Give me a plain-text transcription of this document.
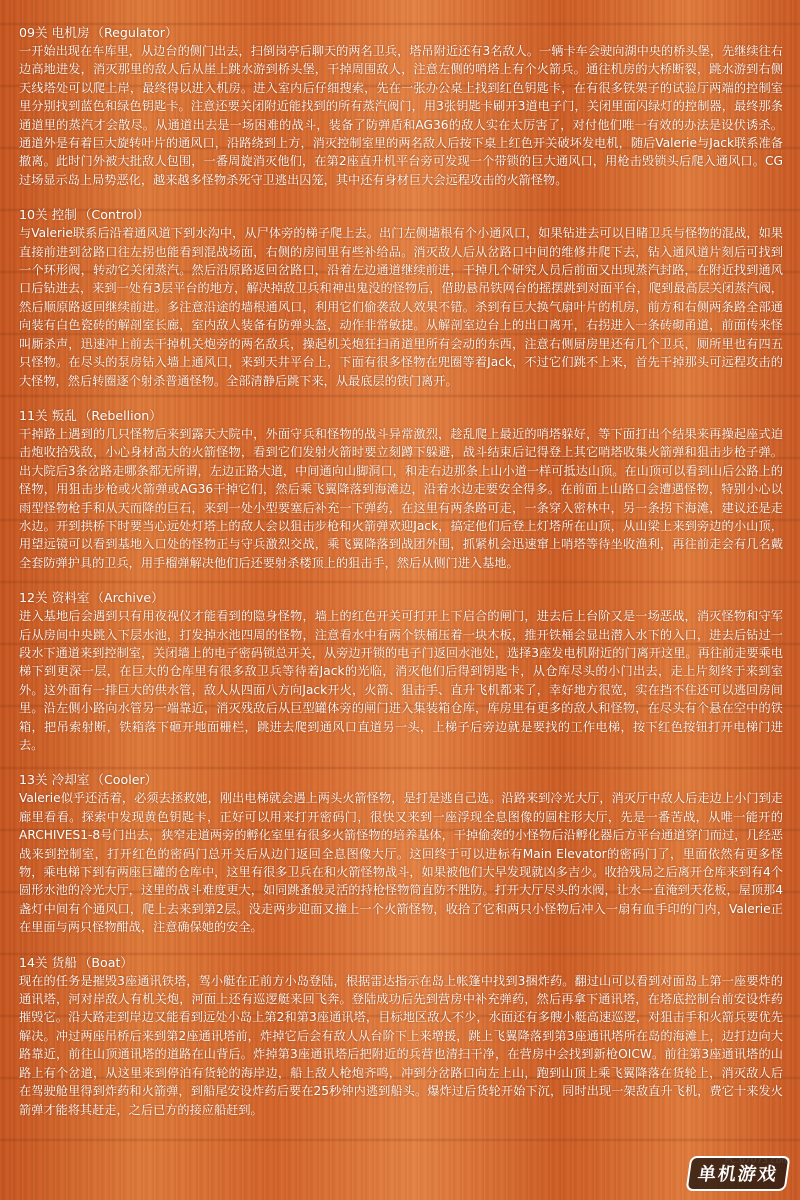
09关 电机房 （Regulator）

一开始出现在车库里，从边台的侧门出去，扫倒岗亭后聊天的两名卫兵，塔吊附近还有3名敌人。一辆卡车会驶向湖中央的桥头堡，先继续往右边高地进发，消灭那里的敌人后从崖上跳水游到桥头堡，干掉周围敌人，注意左侧的哨塔上有个火箭兵。通往机房的大桥断裂，跳水游到右侧天线塔处可以爬上岸，最终得以进入机房。进入室内后仔细搜索，先在一张办公桌上找到红色钥匙卡，在有很多铁架子的试验厅两端的控制室里分别找到蓝色和绿色钥匙卡。注意还要关闭附近能找到的所有蒸汽阀门，用3张钥匙卡刷开3道电子门，关闭里面闪绿灯的控制器，最终那条通道里的蒸汽才会散尽。从通道出去是一场困难的战斗，装备了防弹盾和AG36的敌人实在太厉害了，对付他们唯一有效的办法是设伏诱杀。通道外是有着巨大旋转叶片的通风口，沿路绕到上方，消灭控制室里的两名敌人后按下桌上红色开关破坏发电机，随后Valerie与Jack联系准备撤离。此时门外被大批敌人包围，一番周旋消灭他们，在第2座直升机平台旁可发现一个带锁的巨大通风口，用枪击毁锁头后爬入通风口。CG过场显示岛上局势恶化，越来越多怪物杀死守卫逃出囚笼，其中还有身材巨大会远程攻击的火箭怪物。

10关 控制 （Control）

与Valerie联系后沿着通风道下到水沟中，从尸体旁的梯子爬上去。出门左侧墙根有个小通风口，如果钻进去可以目睹卫兵与怪物的混战，如果直接前进到岔路口往左拐也能看到混战场面，右侧的房间里有些补给品。消灭敌人后从岔路口中间的维修井爬下去，钻入通风道片刻后可找到一个环形阀，转动它关闭蒸汽。然后沿原路返回岔路口，沿着左边通道继续前进，干掉几个研究人员后前面又出现蒸汽封路，在附近找到通风口后钻进去，来到一处有3层平台的地方，解决掉敌卫兵和神出鬼没的怪物后，借助悬吊铁网台的摇摆跳到对面平台，爬到最高层关闭蒸汽阀，然后顺原路返回继续前进。多注意沿途的墙根通风口，利用它们偷袭敌人效果不错。杀到有巨大换气扇叶片的机房，前方和右侧两条路全部通向装有白色瓷砖的解剖室长廊，室内敌人装备有防弹头盔，动作非常敏捷。从解剖室边台上的出口离开，右拐进入一条砖砌甬道，前面传来怪叫厮杀声，迅速冲上前去干掉机关炮旁的两名敌兵，操起机关炮狂扫甬道里所有会动的东西，注意右侧厨房里还有几个卫兵，厕所里也有四五只怪物。在尽头的泵房钻入墙上通风口，来到天井平台上，下面有很多怪物在兜圈等着Jack，不过它们跳不上来，首先干掉那头可远程攻击的大怪物，然后转圈逐个射杀普通怪物。全部清静后跳下来，从最底层的铁门离开。

11关 叛乱 （Rebellion）

干掉路上遇到的几只怪物后来到露天大院中，外面守兵和怪物的战斗异常激烈，趁乱爬上最近的哨塔躲好，等下面打出个结果来再操起座式迫击炮收拾残敌，小心身材高大的火箭怪物，看到它们发射火箭时要立刻蹲下躲避，战斗结束后记得登上其它哨塔收集火箭弹和狙击步枪子弹。出大院后3条岔路走哪条都无所谓，左边正路大道，中间通向山脚洞口，和走右边那条上山小道一样可抵达山顶。在山顶可以看到山后公路上的怪物，用狙击步枪或火箭弹或AG36干掉它们，然后乘飞翼降落到海滩边，沿着水边走要安全得多。在前面上山路口会遭遇怪物，特别小心以雨型怪物枪手和从天而降的巨石，来到一处小型要塞后补充一下弹药，在这里有两条路可走，一条穿入密林中，另一条拐下海滩，建议还是走水边。开到拱桥下时要当心远处灯塔上的敌人会以狙击步枪和火箭弹欢迎Jack，搞定他们后登上灯塔所在山顶，从山梁上来到旁边的小山顶，用望远镜可以看到基地入口处的怪物正与守兵激烈交战，乘飞翼降落到战团外围，抓紧机会迅速窜上哨塔等待坐收渔利，再往前走会有几名戴全套防弹护具的卫兵，用手榴弹解决他们后还要射杀楼顶上的狙击手，然后从侧门进入基地。

12关 资料室 （Archive）

进入基地后会遇到只有用夜视仪才能看到的隐身怪物，墙上的红色开关可打开上下启合的闸门，进去后上台阶又是一场恶战，消灭怪物和守军后从房间中央跳入下层水池，打发掉水池四周的怪物，注意看水中有两个铁桶压着一块木板，推开铁桶会显出潜入水下的入口，进去后钻过一段水下通道来到控制室，关闭墙上的电子密码锁总开关，从旁边开锁的电子门返回水池处，选择3座发电机附近的门离开这里。再往前走要乘电梯下到更深一层，在巨大的仓库里有很多敌卫兵等待着Jack的光临，消灭他们后得到钥匙卡，从仓库尽头的小门出去，走上片刻终于来到室外。这外面有一排巨大的供水管，敌人从四面八方向Jack开火，火箭、狙击手、直升飞机都来了，幸好地方很宽，实在挡不住还可以逃回房间里。沿左侧小路向水管另一端靠近，消灭残敌后从巨型罐体旁的闸门进入集装箱仓库，库房里有更多的敌人和怪物，在尽头有个悬在空中的铁箱，把吊索射断，铁箱落下砸开地面栅栏，跳进去爬到通风口直道另一头，上梯子后旁边就是要找的工作电梯，按下红色按钮打开电梯门进去。

13关 冷却室 （Cooler）

Valerie似乎还活着，必须去拯救她，刚出电梯就会遇上两头火箭怪物，是打是逃自己选。沿路来到冷光大厅，消灭厅中敌人后走边上小门到走廊里看看。探索中发现黄色钥匙卡，正好可以用来打开密码门，很快又来到一座浮现全息图像的圆柱形大厅，先是一番苦战，从唯一能开的ARCHIVES1-8号门出去，狭窄走道两旁的孵化室里有很多火箭怪物的培养基体，干掉偷袭的小怪物后沿孵化器后方平台通道穿门而过，几经恶战来到控制室，打开红色的密码门总开关后从边门返回全息图像大厅。这回终于可以进标有Main Elevator的密码门了，里面依然有更多怪物，乘电梯下到有两座巨罐的仓库中，这里有很多卫兵在和火箭怪物战斗，如果被他们大早发现就凶多吉少。收拾残局之后离开仓库来到有4个圆形水池的冷光大厅，这里的战斗难度更大，如同跳蚤般灵活的持枪怪物简直防不胜防。打开大厅尽头的水阀，让水一直淹到天花板，屋顶那4盏灯中间有个通风口，爬上去来到第2层。没走两步迎面又撞上一个火箭怪物，收拾了它和两只小怪物后冲入一扇有血手印的门内，Valerie正在里面与两只怪物酣战，注意确保她的安全。

14关 货船 （Boat）

现在的任务是摧毁3座通讯铁塔，驾小艇在正前方小岛登陆，根据雷达指示在岛上帐篷中找到3捆炸药。翻过山可以看到对面岛上第一座要炸的通讯塔，河对岸敌人有机关炮，河面上还有巡逻艇来回飞奔。登陆成功后先到营房中补充弹药，然后再拿下通讯塔，在塔底控制台前安设炸药摧毁它。沿大路走到岸边又能看到远处小岛上第2和第3座通讯塔，目标地区敌人不少，水面还有多艘小艇高速巡逻，对狙击手和火箭兵要优先解决。冲过两座吊桥后来到第2座通讯塔前，炸掉它后会有敌人从台阶下上来增援，跳上飞翼降落到第3座通讯塔所在岛的海滩上，边打边向大路靠近，前往山顶通讯塔的道路在山背后。炸掉第3座通讯塔后把附近的兵营也清扫干净，在营房中会找到新枪OICW。前往第3座通讯塔的山路上有个岔道，从这里来到停泊有货轮的海岸边，船上敌人枪炮齐鸣，冲到分岔路口向左上山，跑到山顶上乘飞翼降落在货轮上，消灭敌人后在驾驶舱里得到炸药和火箭弹，到船尾安设炸药后要在25秒钟内逃到船头。爆炸过后货轮开始下沉，同时出现一架敌直升飞机，费它十来发火箭弹才能将其赶走，之后已方的接应船赶到。

单机游戏
